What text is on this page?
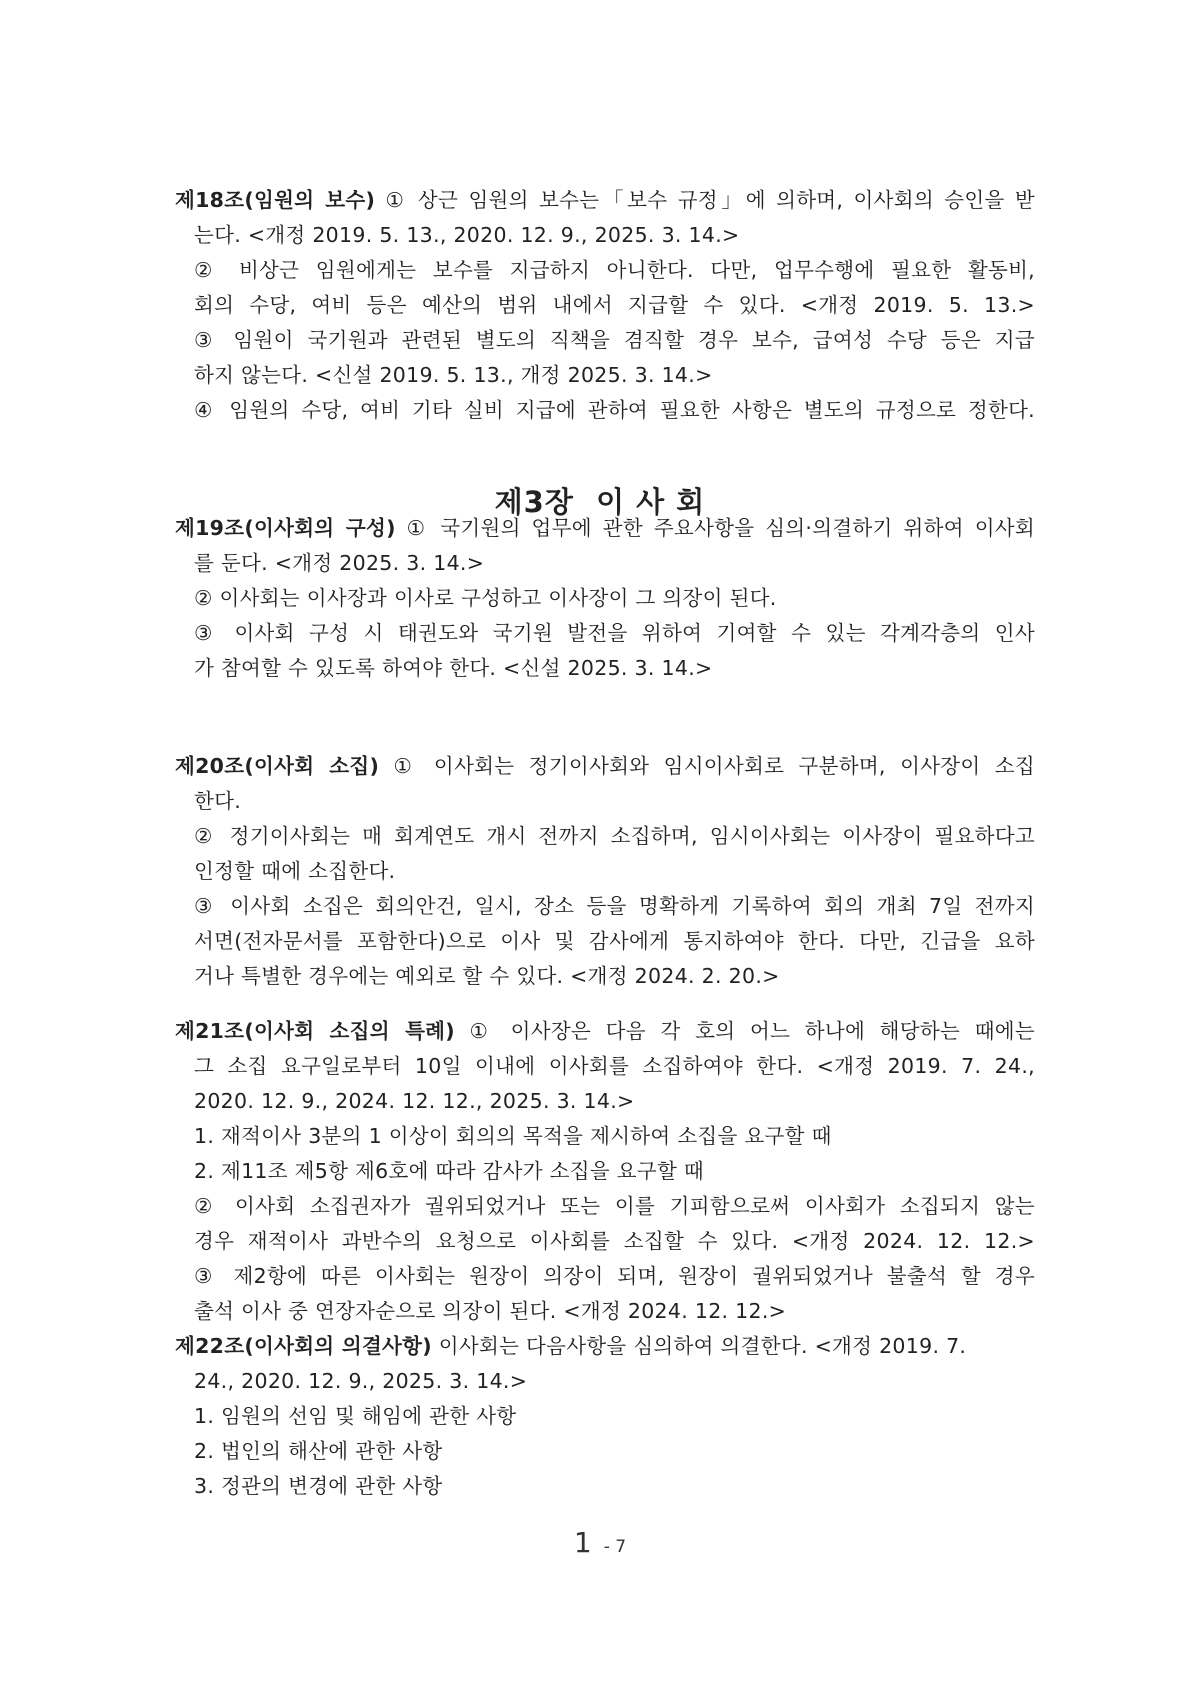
제18조(임원의 보수) ① 상근 임원의 보수는「보수 규정」에 의하며, 이사회의 승인을 받
는다. <개정 2019. 5. 13., 2020. 12. 9., 2025. 3. 14.>
② 비상근 임원에게는 보수를 지급하지 아니한다. 다만, 업무수행에 필요한 활동비,
회의 수당, 여비 등은 예산의 범위 내에서 지급할 수 있다. <개정 2019. 5. 13.>
③ 임원이 국기원과 관련된 별도의 직책을 겸직할 경우 보수, 급여성 수당 등은 지급
하지 않는다. <신설 2019. 5. 13., 개정 2025. 3. 14.>
④ 임원의 수당, 여비 기타 실비 지급에 관하여 필요한 사항은 별도의 규정으로 정한다.
제3장  이 사 회
제19조(이사회의 구성) ① 국기원의 업무에 관한 주요사항을 심의·의결하기 위하여 이사회
를 둔다. <개정 2025. 3. 14.>
② 이사회는 이사장과 이사로 구성하고 이사장이 그 의장이 된다.
③ 이사회 구성 시 태권도와 국기원 발전을 위하여 기여할 수 있는 각계각층의 인사
가 참여할 수 있도록 하여야 한다. <신설 2025. 3. 14.>
제20조(이사회 소집) ① 이사회는 정기이사회와 임시이사회로 구분하며, 이사장이 소집
한다.
② 정기이사회는 매 회계연도 개시 전까지 소집하며, 임시이사회는 이사장이 필요하다고
인정할 때에 소집한다.
③ 이사회 소집은 회의안건, 일시, 장소 등을 명확하게 기록하여 회의 개최 7일 전까지
서면(전자문서를 포함한다)으로 이사 및 감사에게 통지하여야 한다. 다만, 긴급을 요하
거나 특별한 경우에는 예외로 할 수 있다. <개정 2024. 2. 20.>
제21조(이사회 소집의 특례) ① 이사장은 다음 각 호의 어느 하나에 해당하는 때에는
그 소집 요구일로부터 10일 이내에 이사회를 소집하여야 한다. <개정 2019. 7. 24.,
2020. 12. 9., 2024. 12. 12., 2025. 3. 14.>
1. 재적이사 3분의 1 이상이 회의의 목적을 제시하여 소집을 요구할 때
2. 제11조 제5항 제6호에 따라 감사가 소집을 요구할 때
② 이사회 소집권자가 궐위되었거나 또는 이를 기피함으로써 이사회가 소집되지 않는
경우 재적이사 과반수의 요청으로 이사회를 소집할 수 있다. <개정 2024. 12. 12.>
③ 제2항에 따른 이사회는 원장이 의장이 되며, 원장이 궐위되었거나 불출석 할 경우
출석 이사 중 연장자순으로 의장이 된다. <개정 2024. 12. 12.>
제22조(이사회의 의결사항) 이사회는 다음사항을 심의하여 의결한다. <개정 2019. 7.
24., 2020. 12. 9., 2025. 3. 14.>
1. 임원의 선임 및 해임에 관한 사항
2. 법인의 해산에 관한 사항
3. 정관의 변경에 관한 사항
1 - 7
